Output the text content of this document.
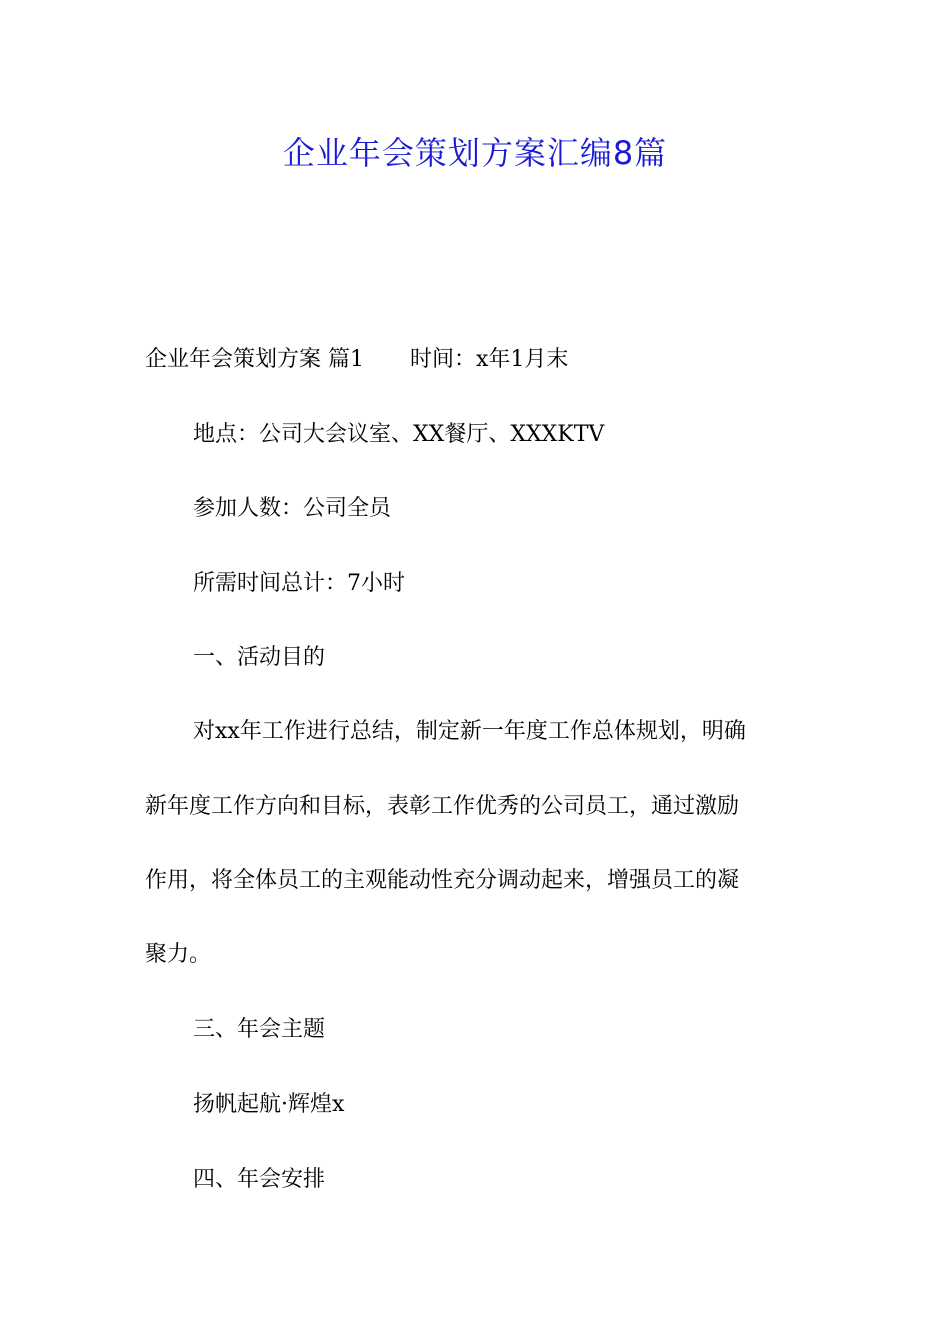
企业年会策划方案汇编8篇
企业年会策划方案 篇1 时间：x年1月末
地点：公司大会议室、XX餐厅、XXXKTV
参加人数：公司全员
所需时间总计：7小时
一、活动目的
对xx年工作进行总结，制定新一年度工作总体规划，明确
新年度工作方向和目标，表彰工作优秀的公司员工，通过激励
作用，将全体员工的主观能动性充分调动起来，增强员工的凝
聚力。
三、年会主题
扬帆起航·辉煌x
四、年会安排
